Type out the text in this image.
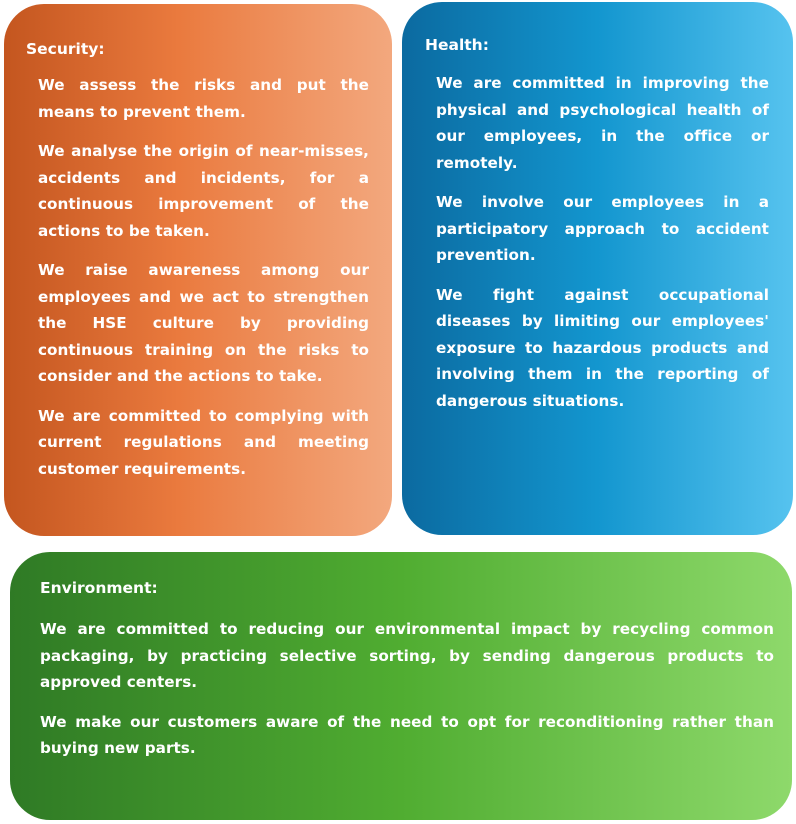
Security:

We assess the risks and put the means to prevent them.

We analyse the origin of near-misses, accidents and incidents, for a continuous improvement of the actions to be taken.

We raise awareness among our employees and we act to strengthen the HSE culture by providing continuous training on the risks to consider and the actions to take.

We are committed to complying with current regulations and meeting customer requirements.

Health:

We are committed in improving the physical and psychological health of our employees, in the office or remotely.

We involve our employees in a participatory approach to accident prevention.

We fight against occupational diseases by limiting our employees' exposure to hazardous products and involving them in the reporting of dangerous situations.

Environment:

We are committed to reducing our environmental impact by recycling common packaging, by practicing selective sorting, by sending dangerous products to approved centers.

We make our customers aware of the need to opt for reconditioning rather than buying new parts.
